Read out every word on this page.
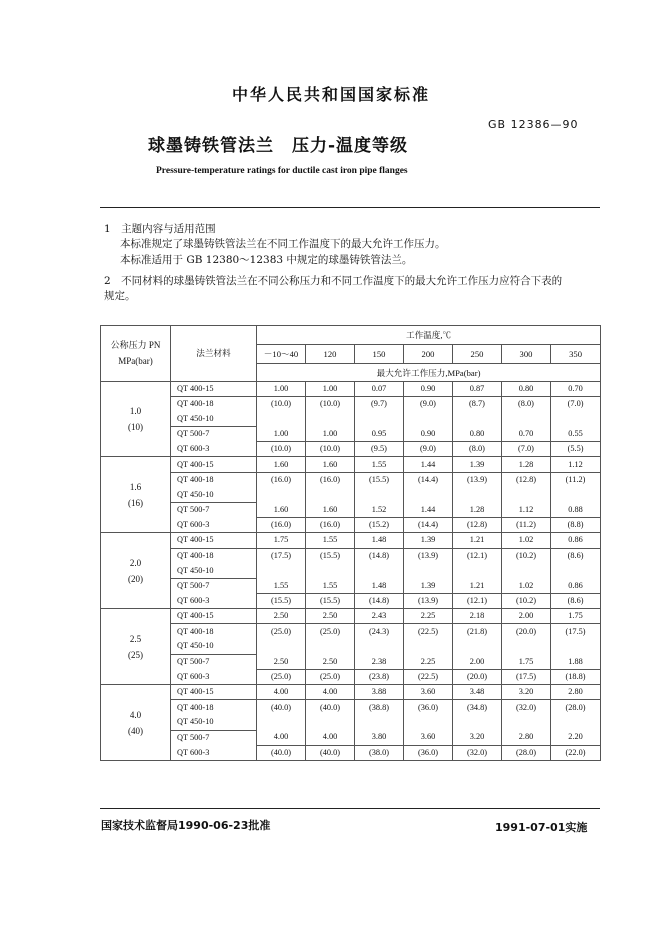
中华人民共和国国家标准
GB 12386—90
球墨铸铁管法兰　压力-温度等级
Pressure-temperature ratings for ductile cast iron pipe flanges
1　主题内容与适用范围
本标准规定了球墨铸铁管法兰在不同工作温度下的最大允许工作压力。
本标准适用于 GB 12380～12383 中规定的球墨铸铁管法兰。
2　不同材料的球墨铸铁管法兰在不同公称压力和不同工作温度下的最大允许工作压力应符合下表的
规定。
公称压力 PN
MPa(bar)	法兰材料	工作温度,℃						
		－10～40	120	150	200	250	300	350
		最大允许工作压力,MPa(bar)						

1.0
(10)	QT 400-15	1.00	1.00	0.07	0.90	0.87	0.80	0.70
	QT 400-18	(10.0)	(10.0)	(9.7)	(9.0)	(8.7)	(8.0)	(7.0)
	QT 450-10							
	QT 500-7	1.00	1.00	0.95	0.90	0.80	0.70	0.55
	QT 600-3	(10.0)	(10.0)	(9.5)	(9.0)	(8.0)	(7.0)	(5.5)

1.6
(16)	QT 400-15	1.60	1.60	1.55	1.44	1.39	1.28	1.12
	QT 400-18	(16.0)	(16.0)	(15.5)	(14.4)	(13.9)	(12.8)	(11.2)
	QT 450-10							
	QT 500-7	1.60	1.60	1.52	1.44	1.28	1.12	0.88
	QT 600-3	(16.0)	(16.0)	(15.2)	(14.4)	(12.8)	(11.2)	(8.8)

2.0
(20)	QT 400-15	1.75	1.55	1.48	1.39	1.21	1.02	0.86
	QT 400-18	(17.5)	(15.5)	(14.8)	(13.9)	(12.1)	(10.2)	(8.6)
	QT 450-10							
	QT 500-7	1.55	1.55	1.48	1.39	1.21	1.02	0.86
	QT 600-3	(15.5)	(15.5)	(14.8)	(13.9)	(12.1)	(10.2)	(8.6)

2.5
(25)	QT 400-15	2.50	2.50	2.43	2.25	2.18	2.00	1.75
	QT 400-18	(25.0)	(25.0)	(24.3)	(22.5)	(21.8)	(20.0)	(17.5)
	QT 450-10							
	QT 500-7	2.50	2.50	2.38	2.25	2.00	1.75	1.88
	QT 600-3	(25.0)	(25.0)	(23.8)	(22.5)	(20.0)	(17.5)	(18.8)

4.0
(40)	QT 400-15	4.00	4.00	3.88	3.60	3.48	3.20	2.80
	QT 400-18	(40.0)	(40.0)	(38.8)	(36.0)	(34.8)	(32.0)	(28.0)
	QT 450-10							
	QT 500-7	4.00	4.00	3.80	3.60	3.20	2.80	2.20
	QT 600-3	(40.0)	(40.0)	(38.0)	(36.0)	(32.0)	(28.0)	(22.0)
国家技术监督局1990-06-23批准	1991-07-01实施
